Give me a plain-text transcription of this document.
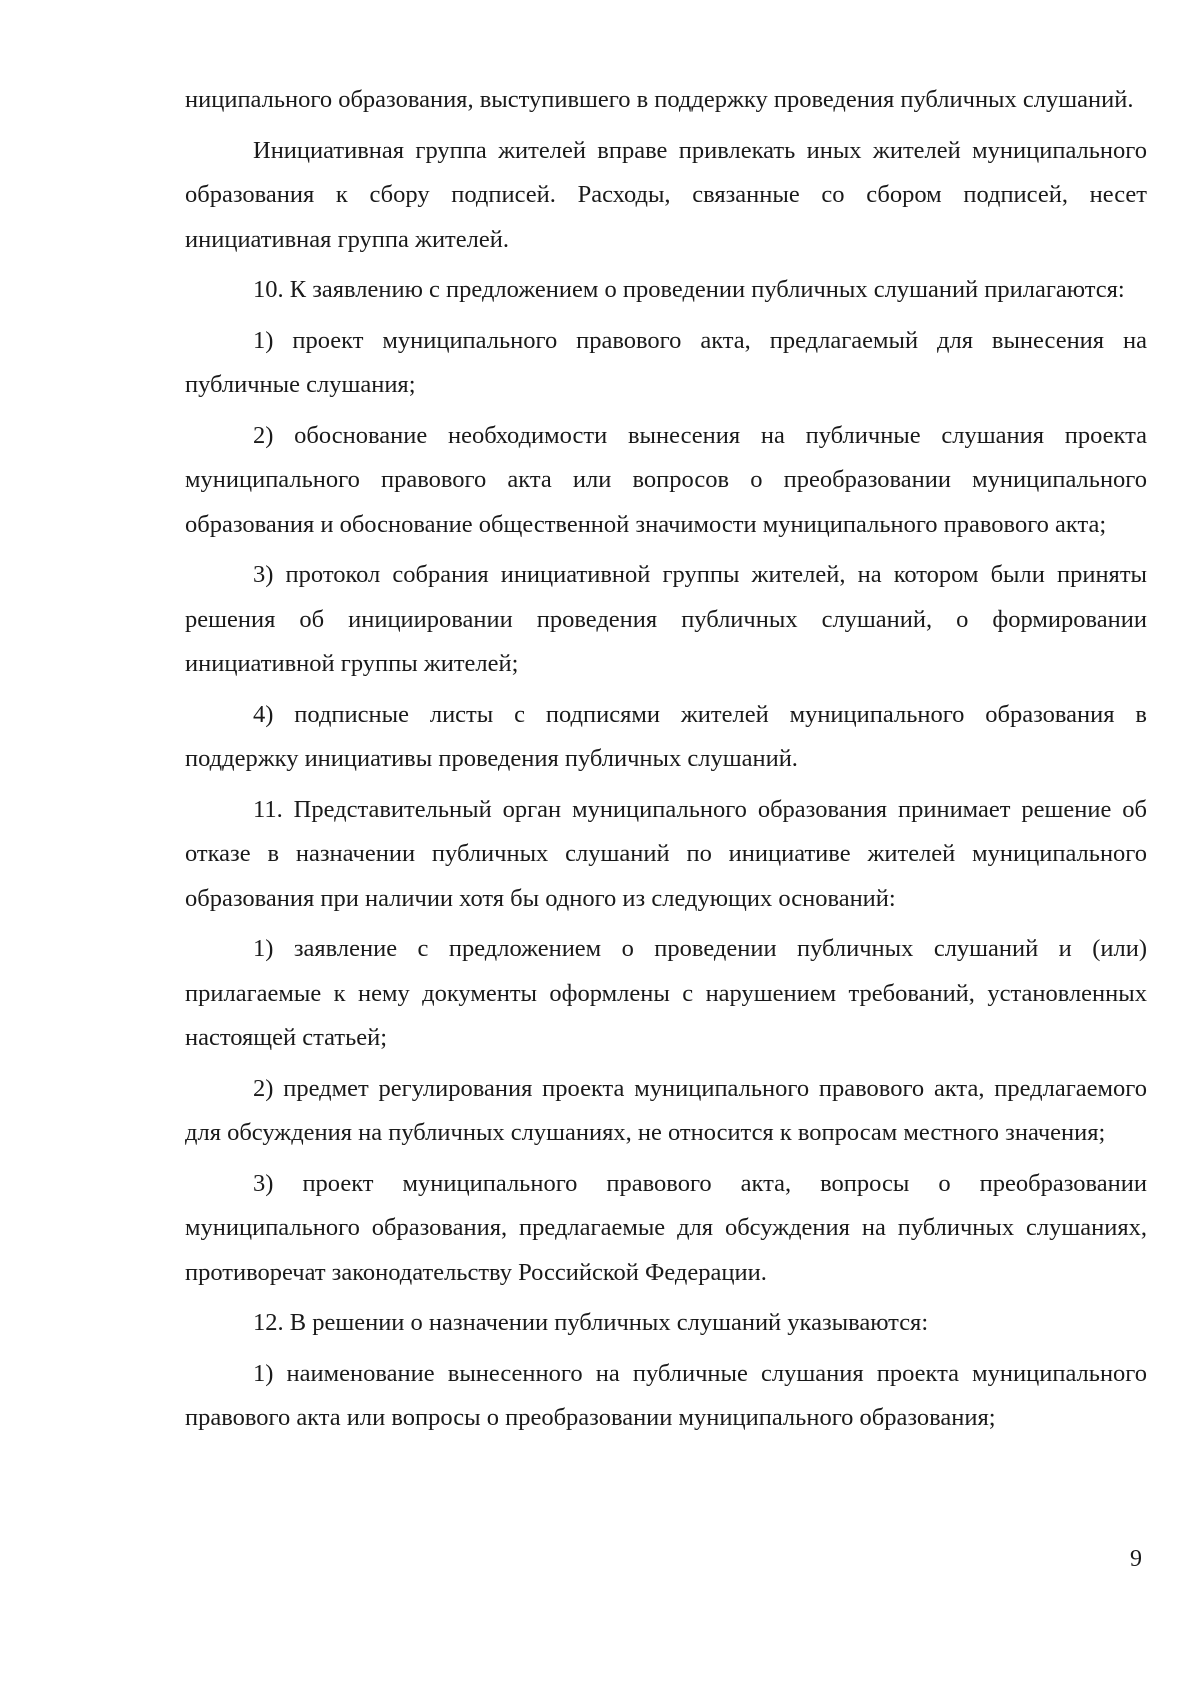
ниципального образования, выступившего в поддержку проведения публичных слушаний.

Инициативная группа жителей вправе привлекать иных жителей муниципального образования к сбору подписей. Расходы, связанные со сбором подписей, несет инициативная группа жителей.

10. К заявлению с предложением о проведении публичных слушаний прилагаются:

1) проект муниципального правового акта, предлагаемый для вынесения на публичные слушания;

2) обоснование необходимости вынесения на публичные слушания проекта муниципального правового акта или вопросов о преобразовании муниципального образования и обоснование общественной значимости муниципального правового акта;

3) протокол собрания инициативной группы жителей, на котором были приняты решения об инициировании проведения публичных слушаний, о формировании инициативной группы жителей;

4) подписные листы с подписями жителей муниципального образования в поддержку инициативы проведения публичных слушаний.

11. Представительный орган муниципального образования принимает решение об отказе в назначении публичных слушаний по инициативе жителей муниципального образования при наличии хотя бы одного из следующих оснований:

1) заявление с предложением о проведении публичных слушаний и (или) прилагаемые к нему документы оформлены с нарушением требований, установленных настоящей статьей;

2) предмет регулирования проекта муниципального правового акта, предлагаемого для обсуждения на публичных слушаниях, не относится к вопросам местного значения;

3) проект муниципального правового акта, вопросы о преобразовании муниципального образования, предлагаемые для обсуждения на публичных слушаниях, противоречат законодательству Российской Федерации.

12. В решении о назначении публичных слушаний указываются:

1) наименование вынесенного на публичные слушания проекта муниципального правового акта или вопросы о преобразовании муниципального образования;

9
